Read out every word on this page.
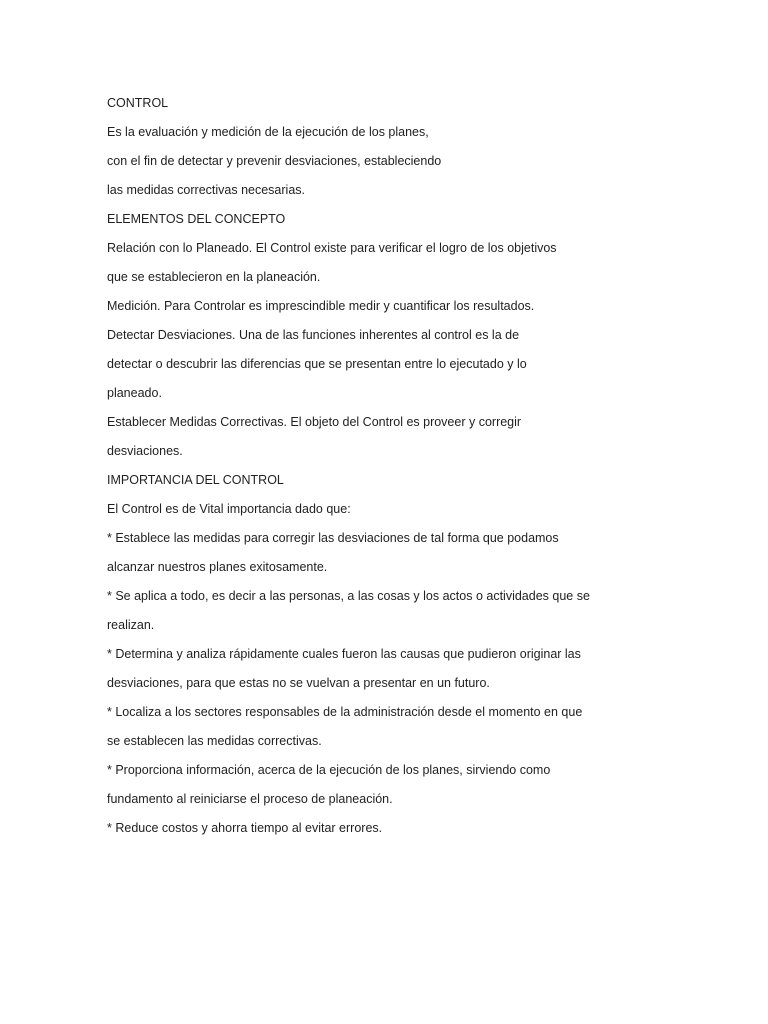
CONTROL

Es la evaluación y medición de la ejecución de los planes,

con el fin de detectar y prevenir desviaciones, estableciendo

las medidas correctivas necesarias.

ELEMENTOS DEL CONCEPTO

Relación con lo Planeado. El Control existe para verificar el logro de los objetivos

que se establecieron en la planeación.

Medición. Para Controlar es imprescindible medir y cuantificar los resultados.

Detectar Desviaciones. Una de las funciones inherentes al control es la de

detectar o descubrir las diferencias que se presentan entre lo ejecutado y lo

planeado.

Establecer Medidas Correctivas. El objeto del Control es proveer y corregir

desviaciones.

IMPORTANCIA DEL CONTROL

El Control es de Vital importancia dado que:

* Establece las medidas para corregir las desviaciones de tal forma que podamos

alcanzar nuestros planes exitosamente.

* Se aplica a todo, es decir a las personas, a las cosas y los actos o actividades que se

realizan.

* Determina y analiza rápidamente cuales fueron las causas que pudieron originar las

desviaciones, para que estas no se vuelvan a presentar en un futuro.

* Localiza a los sectores responsables de la administración desde el momento en que

se establecen las medidas correctivas.

* Proporciona información, acerca de la ejecución de los planes, sirviendo como

fundamento al reiniciarse el proceso de planeación.

* Reduce costos y ahorra tiempo al evitar errores.
